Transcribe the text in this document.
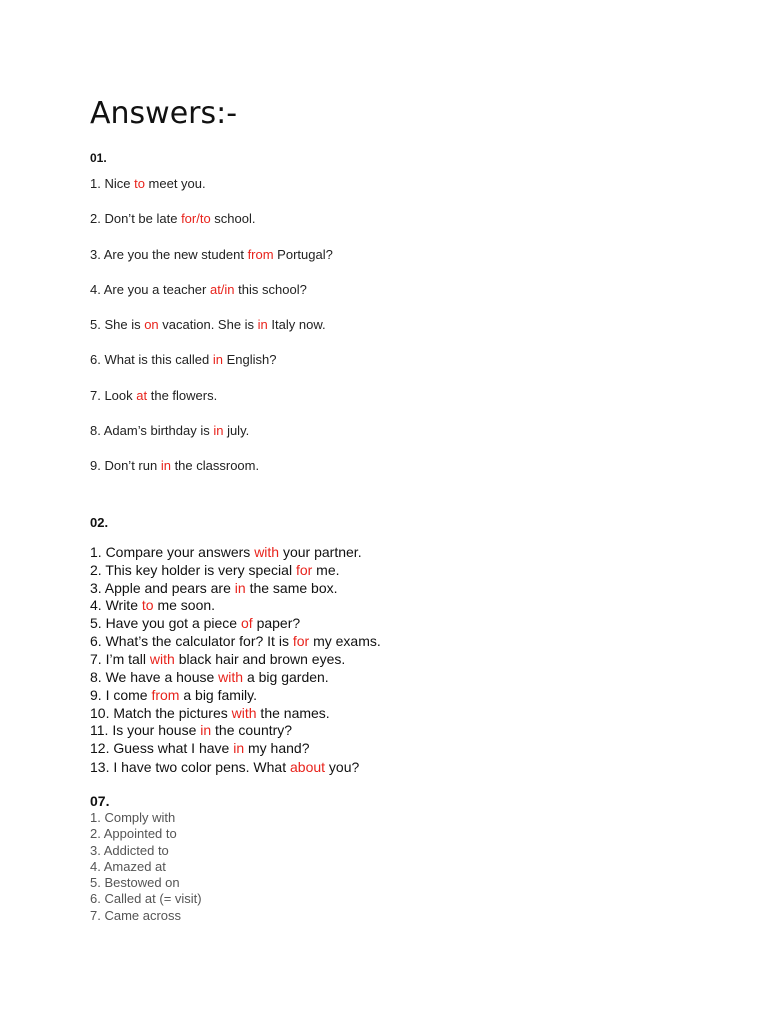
Answers:-

01.

1. Nice to meet you.

2. Don’t be late for/to school.

3. Are you the new student from Portugal?

4. Are you a teacher at/in this school?

5. She is on vacation. She is in Italy now.

6. What is this called in English?

7. Look at the flowers.

8. Adam’s birthday is in july.

9. Don’t run in the classroom.

02.

1. Compare your answers with your partner.

2. This key holder is very special for me.

3. Apple and pears are in the same box.

4. Write to me soon.

5. Have you got a piece of paper?

6. What’s the calculator for? It is for my exams.

7. I’m tall with black hair and brown eyes.

8. We have a house with a big garden.

9. I come from a big family.

10. Match the pictures with the names.

11. Is your house in the country?

12. Guess what I have in my hand?

13. I have two color pens. What about you?

07.

1. Comply with

2. Appointed to

3. Addicted to

4. Amazed at

5. Bestowed on

6. Called at (= visit)

7. Came across
